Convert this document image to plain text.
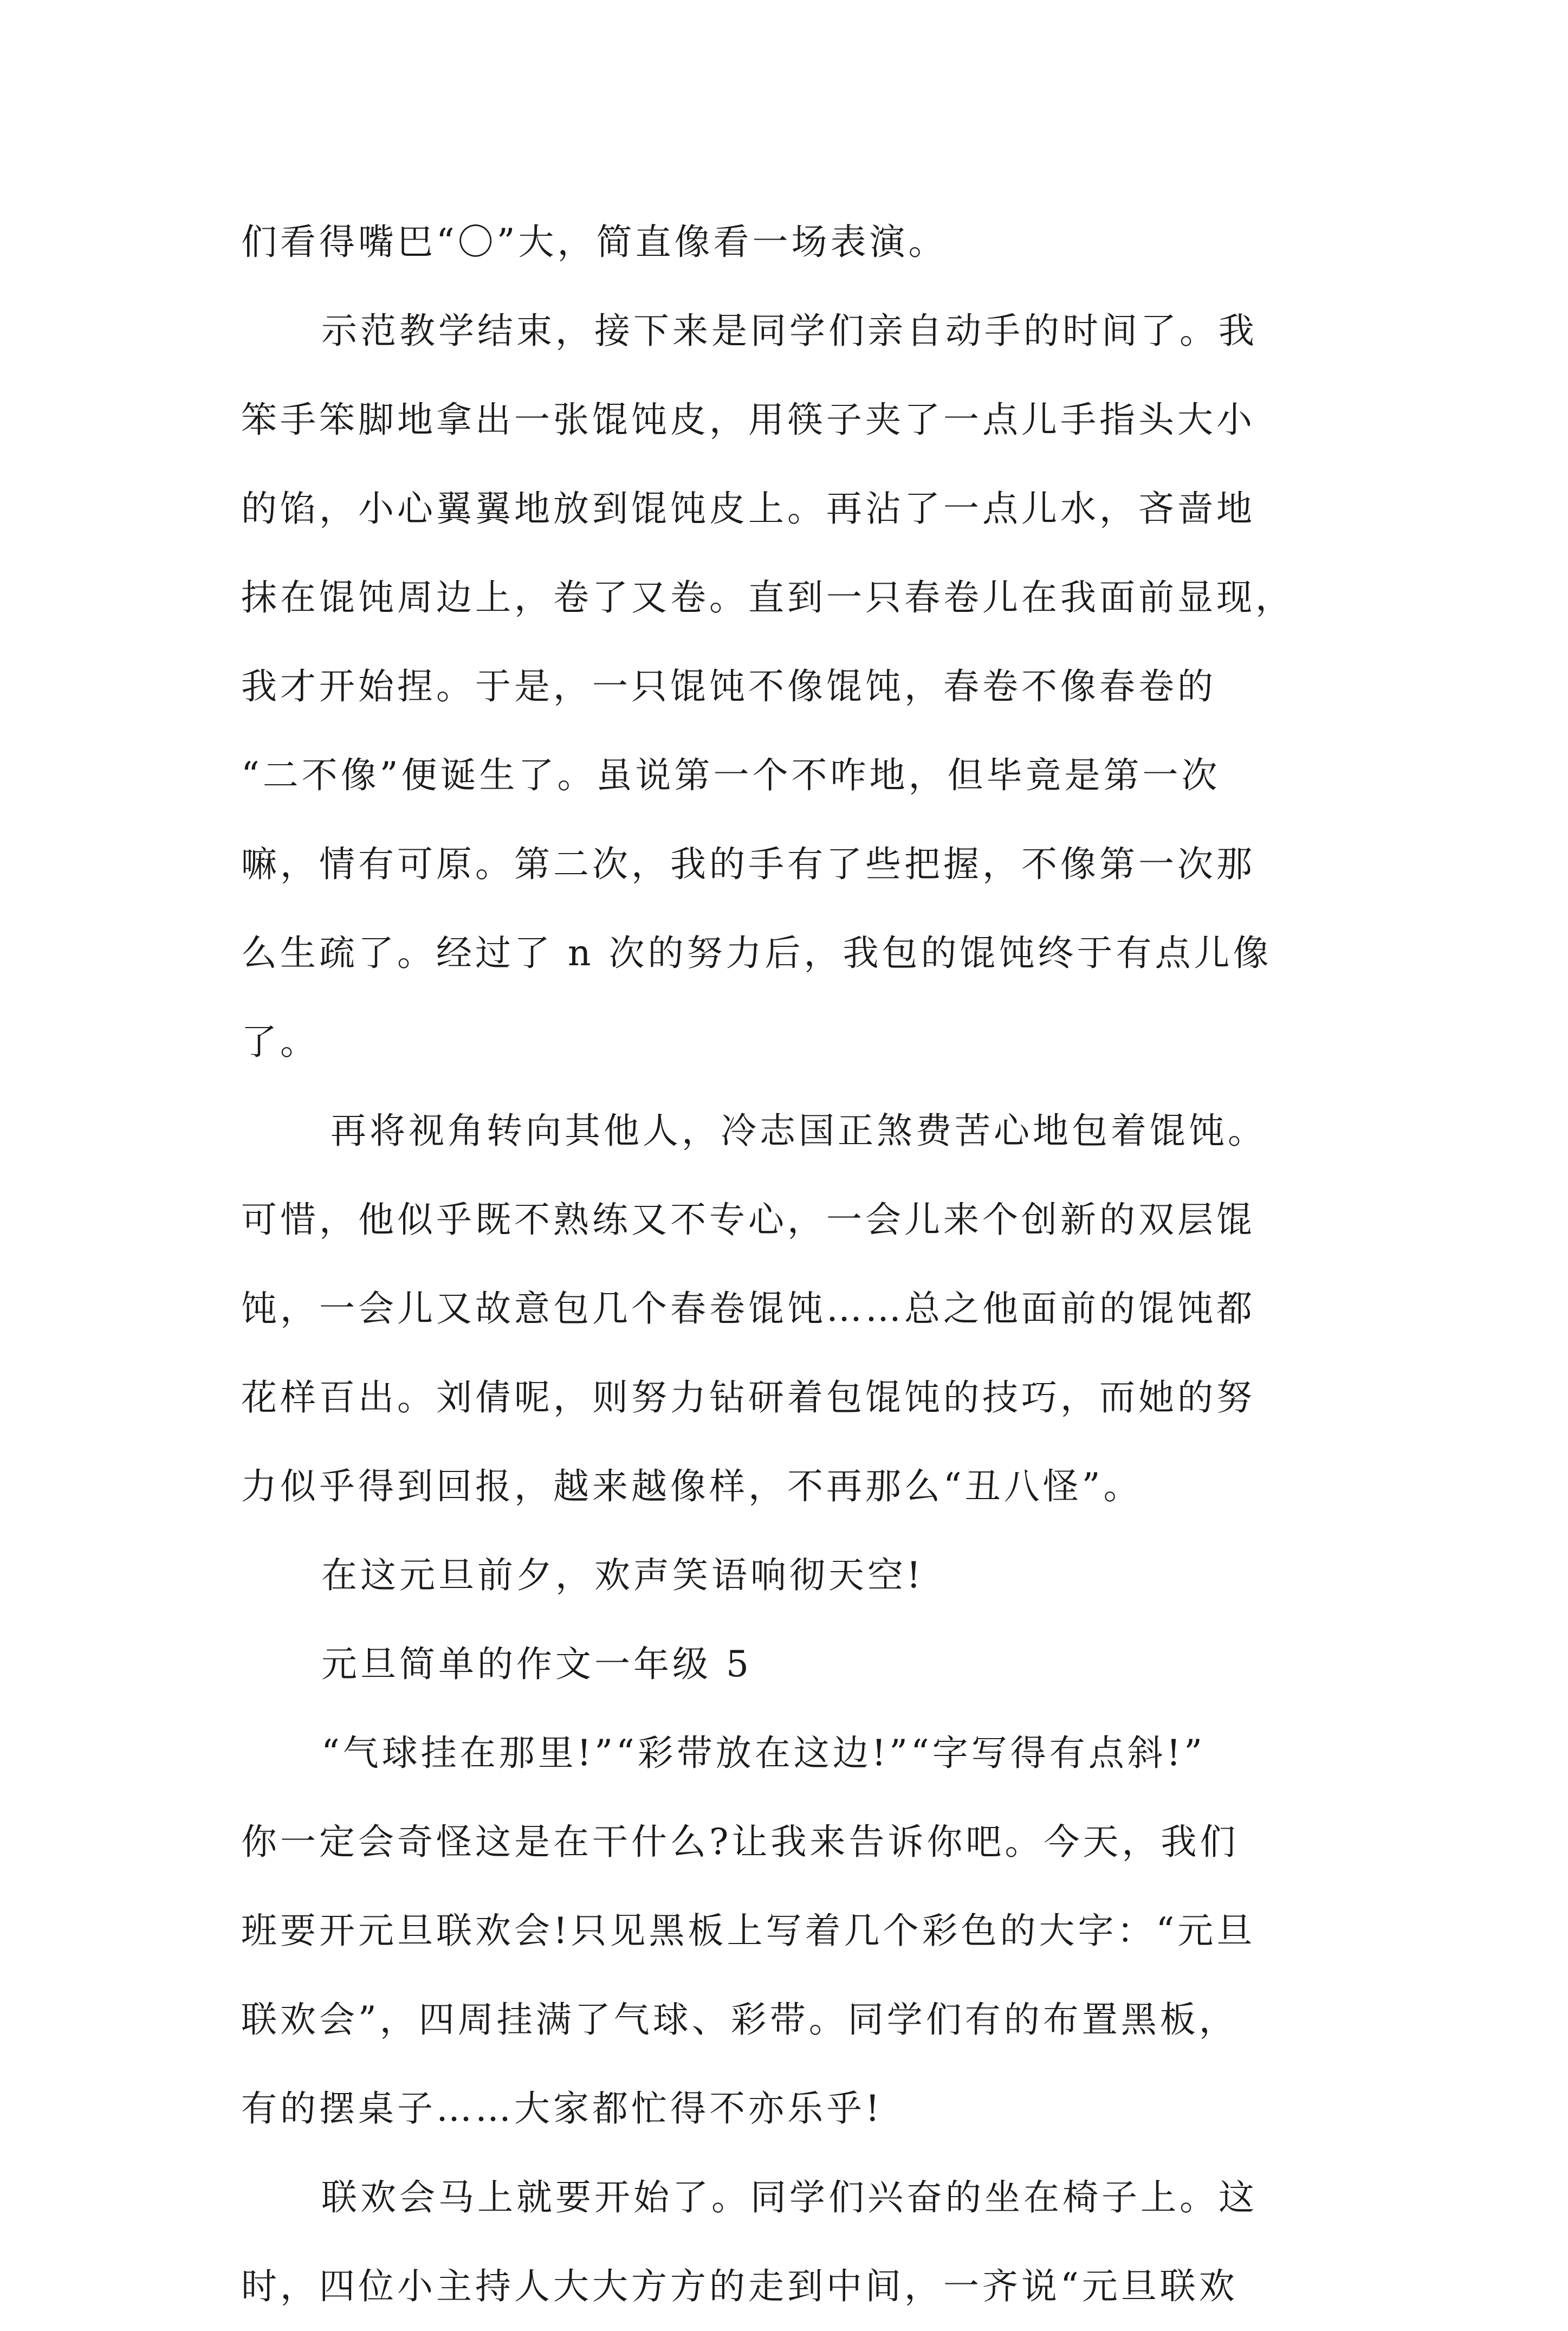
们看得嘴巴“〇”大，简直像看一场表演。
示范教学结束，接下来是同学们亲自动手的时间了。我
笨手笨脚地拿出一张馄饨皮，用筷子夹了一点儿手指头大小
的馅，小心翼翼地放到馄饨皮上。再沾了一点儿水，吝啬地
抹在馄饨周边上，卷了又卷。直到一只春卷儿在我面前显现，
我才开始捏。于是，一只馄饨不像馄饨，春卷不像春卷的
“二不像”便诞生了。虽说第一个不咋地，但毕竟是第一次
嘛，情有可原。第二次，我的手有了些把握，不像第一次那
么生疏了。经过了 n 次的努力后，我包的馄饨终于有点儿像
了。
再将视角转向其他人，冷志国正煞费苦心地包着馄饨。
可惜，他似乎既不熟练又不专心，一会儿来个创新的双层馄
饨，一会儿又故意包几个春卷馄饨……总之他面前的馄饨都
花样百出。刘倩呢，则努力钻研着包馄饨的技巧，而她的努
力似乎得到回报，越来越像样，不再那么“丑八怪”。
在这元旦前夕，欢声笑语响彻天空!
元旦简单的作文一年级 5
“气球挂在那里!”“彩带放在这边!”“字写得有点斜!”
你一定会奇怪这是在干什么?让我来告诉你吧。今天，我们
班要开元旦联欢会!只见黑板上写着几个彩色的大字：“元旦
联欢会”，四周挂满了气球、彩带。同学们有的布置黑板，
有的摆桌子……大家都忙得不亦乐乎!
联欢会马上就要开始了。同学们兴奋的坐在椅子上。这
时，四位小主持人大大方方的走到中间，一齐说“元旦联欢
